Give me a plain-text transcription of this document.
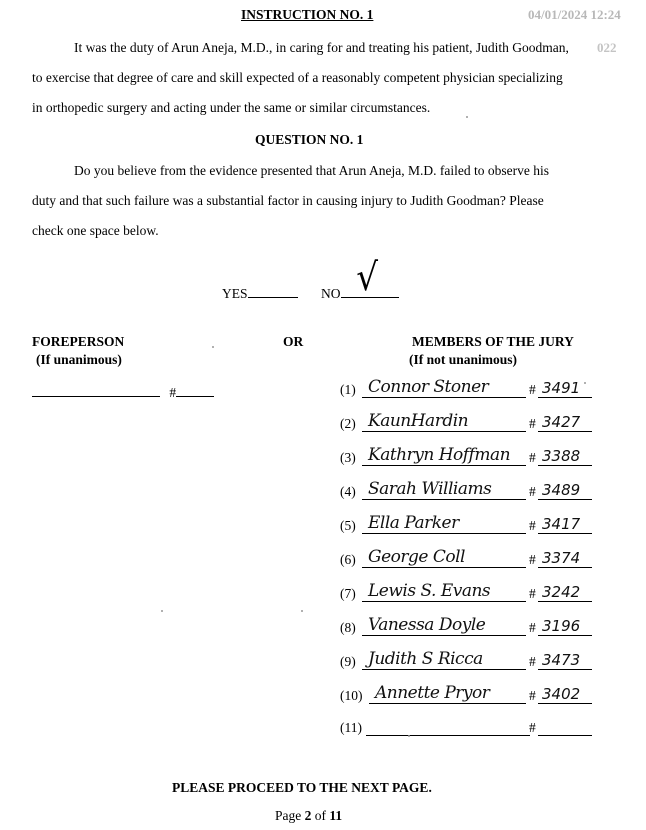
INSTRUCTION NO. 1	04/01/2024 12:24

It was the duty of Arun Aneja, M.D., in caring for and treating his patient, Judith Goodman, 022

to exercise that degree of care and skill expected of a reasonably competent physician specializing

in orthopedic surgery and acting under the same or similar circumstances.

QUESTION NO. 1

Do you believe from the evidence presented that Arun Aneja, M.D. failed to observe his

duty and that such failure was a substantial factor in causing injury to Judith Goodman? Please

check one space below.

YES	NO √
FOREPERSON
(If unanimous)
OR	MEMBERS OF THE JURY
(If not unanimous)
#	(1) Connor Stoner	# 3491
(2) KaunHardin	# 3427
(3) Kathryn Hoffman # 3388
(4) Sarah Williams	# 3489
(5) Ella Parker	# 3417
(6) George Coll	# 3374
(7) Lewis S. Evans	# 3242
(8) Vanessa Doyle	# 3196
(9) Judith S Ricca	# 3473
(10) Annette Pryor	# 3402
(11)	#
PLEASE PROCEED TO THE NEXT PAGE.
Page 2 of 11
